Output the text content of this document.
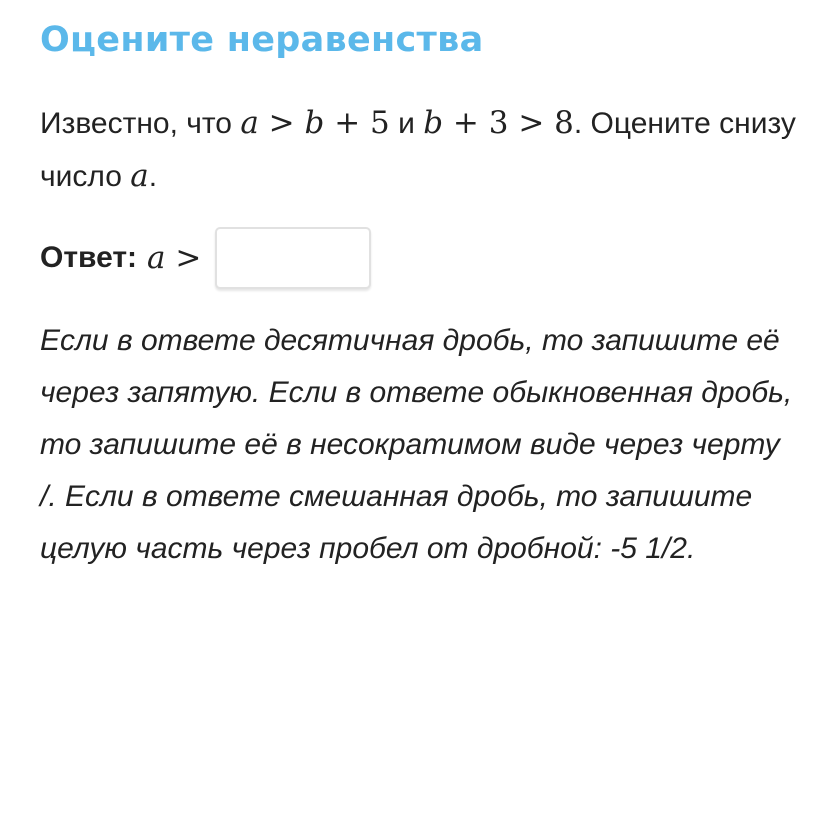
Оцените неравенства
Известно, что a > b + 5 и b + 3 > 8. Оцените снизу число a.
Ответ: a >
Если в ответе десятичная дробь, то запишите её через запятую. Если в ответе обыкновенная дробь, то запишите её в несократимом виде через черту /. Если в ответе смешанная дробь, то запишите целую часть через пробел от дробной: -5 1/2.
